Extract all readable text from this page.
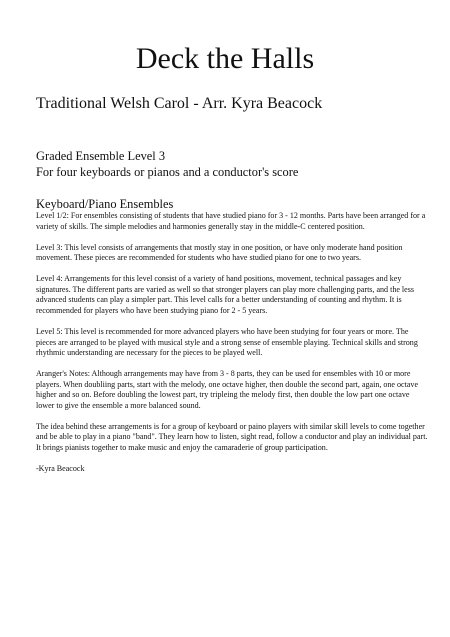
Deck the Halls
Traditional Welsh Carol - Arr. Kyra Beacock
Graded Ensemble Level 3
For four keyboards or pianos and a conductor's score
Keyboard/Piano Ensembles

Level 1/2: For ensembles consisting of students that have studied piano for 3 - 12 months. Parts have been arranged for a variety of skills. The simple melodies and harmonies generally stay in the middle-C centered position.

Level 3: This level consists of arrangements that mostly stay in one position, or have only moderate hand position movement. These pieces are recommended for students who have studied piano for one to two years.

Level 4: Arrangements for this level consist of a variety of hand positions, movement, technical passages and key signatures. The different parts are varied as well so that stronger players can play more challenging parts, and the less advanced students can play a simpler part. This level calls for a better understanding of counting and rhythm. It is recommended for players who have been studying piano for 2 - 5 years.

Level 5: This level is recommended for more advanced players who have been studying for four years or more. The pieces are arranged to be played with musical style and a strong sense of ensemble playing. Technical skills and strong rhythmic understanding are necessary for the pieces to be played well.

Aranger's Notes: Although arrangements may have from 3 - 8 parts, they can be used for ensembles with 10 or more players. When doubliing parts, start with the melody, one octave higher, then double the second part, again, one octave higher and so on. Before doubling the lowest part, try tripleing the melody first, then double the low part one octave lower to give the ensemble a more balanced sound.

The idea behind these arrangements is for a group of keyboard or paino players with similar skill levels to come together and be able to play in a piano "band". They learn how to listen, sight read, follow a conductor and play an individual part. It brings pianists together to make music and enjoy the camaraderie of group participation.

-Kyra Beacock
